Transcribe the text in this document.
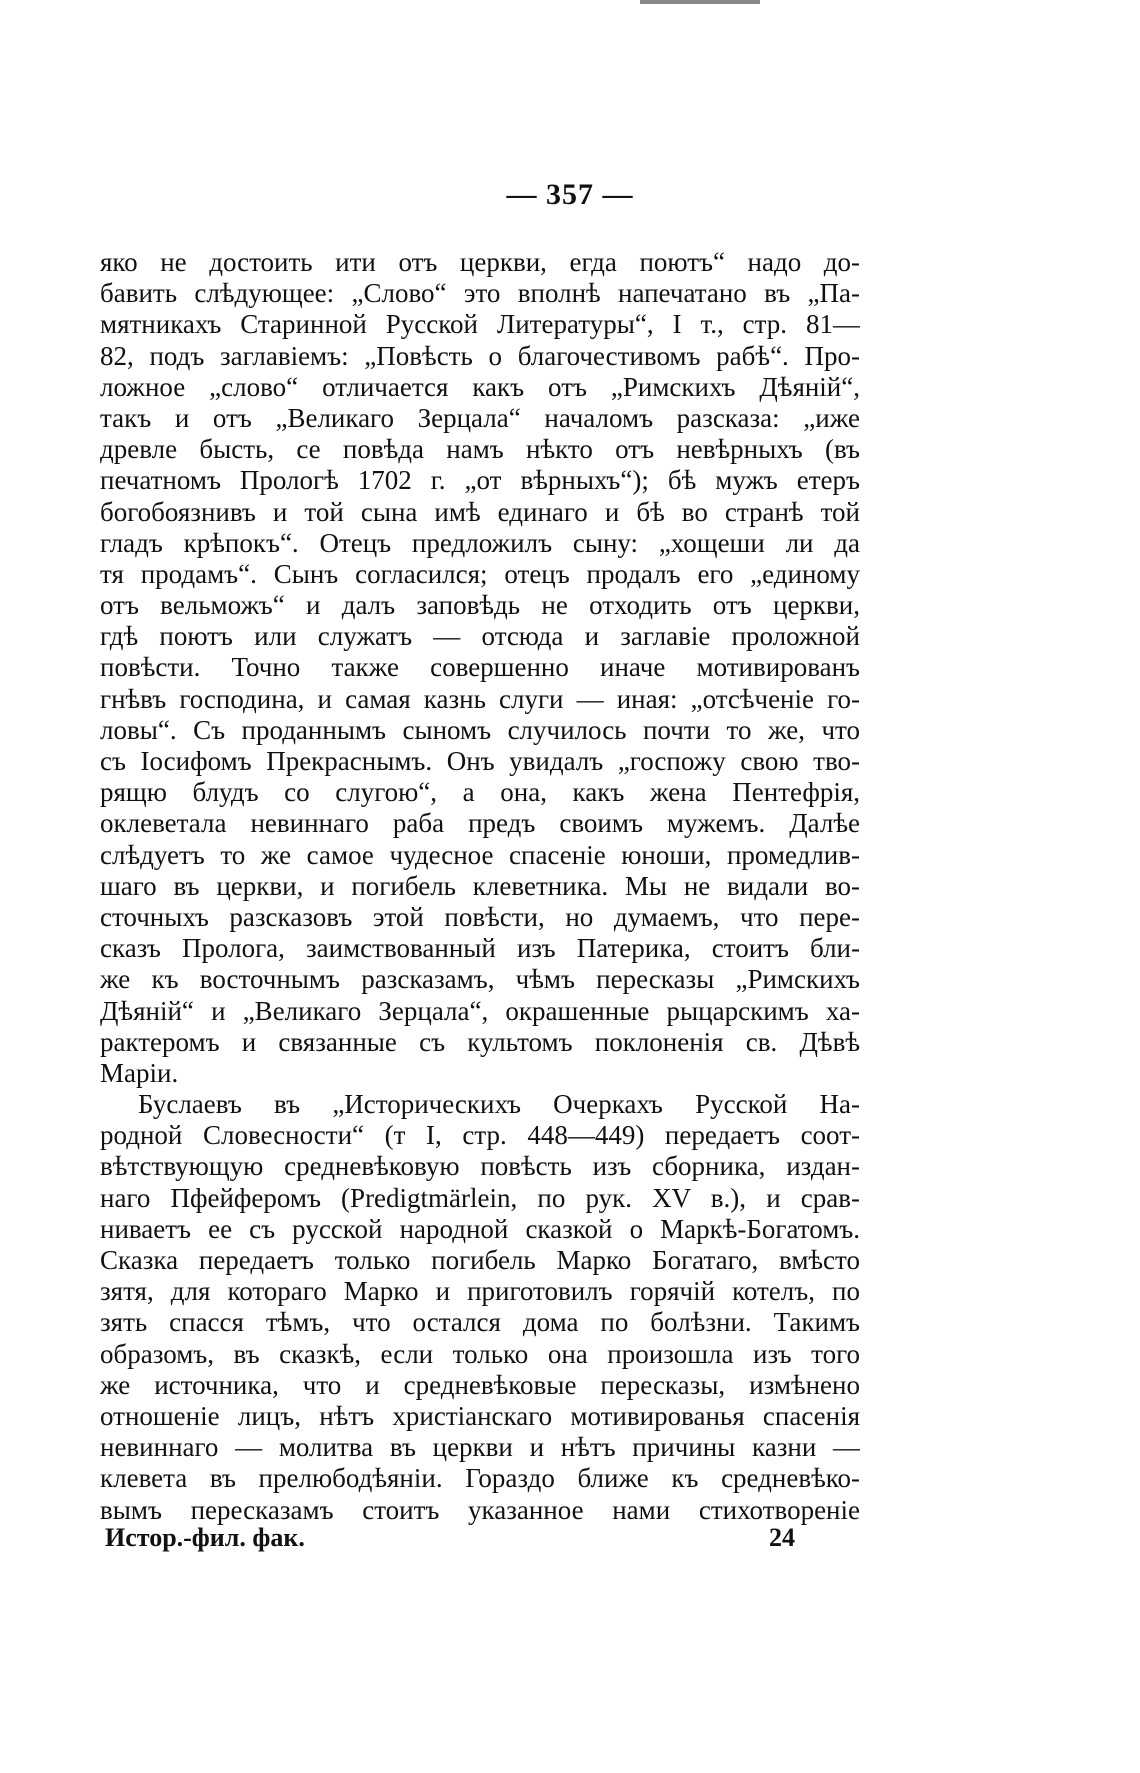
— 357 —
яко не достоить ити отъ церкви, егда поютъ“ надо до-
бавить слѣдующее: „Слово“ это вполнѣ напечатано въ „Па-
мятникахъ Старинной Русской Литературы“, I т., стр. 81—
82, подъ заглавіемъ: „Повѣсть о благочестивомъ рабѣ“. Про-
ложное „слово“ отличается какъ отъ „Римскихъ Дѣяній“,
такъ и отъ „Великаго Зерцала“ началомъ разсказа: „иже
древле бысть, се повѣда намъ нѣкто отъ невѣрныхъ (въ
печатномъ Прологѣ 1702 г. „от вѣрныхъ“); бѣ мужъ етеръ
богобоязнивъ и той сына имѣ единаго и бѣ во странѣ той
гладъ крѣпокъ“. Отецъ предложилъ сыну: „хощеши ли да
тя продамъ“. Сынъ согласился; отецъ продалъ его „единому
отъ вельможъ“ и далъ заповѣдь не отходить отъ церкви,
гдѣ поютъ или служатъ — отсюда и заглавіе проложной
повѣсти. Точно также совершенно иначе мотивированъ
гнѣвъ господина, и самая казнь слуги — иная: „отсѣченіе го-
ловы“. Съ проданнымъ сыномъ случилось почти то же, что
съ Іосифомъ Прекраснымъ. Онъ увидалъ „госпожу свою тво-
рящю блудъ со слугою“, а она, какъ жена Пентефрія,
оклеветала невиннаго раба предъ своимъ мужемъ. Далѣе
слѣдуетъ то же самое чудесное спасеніе юноши, промедлив-
шаго въ церкви, и погибель клеветника. Мы не видали во-
сточныхъ разсказовъ этой повѣсти, но думаемъ, что пере-
сказъ Пролога, заимствованный изъ Патерика, стоитъ бли-
же къ восточнымъ разсказамъ, чѣмъ пересказы „Римскихъ
Дѣяній“ и „Великаго Зерцала“, окрашенные рыцарскимъ ха-
рактеромъ и связанные съ культомъ поклоненія св. Дѣвѣ
Маріи.
Буслаевъ въ „Историческихъ Очеркахъ Русской На-
родной Словесности“ (т I, стр. 448—449) передаетъ соот-
вѣтствующую средневѣковую повѣсть изъ сборника, издан-
наго Пфейферомъ (Predigtmärlein, по рук. XV в.), и срав-
ниваетъ ее съ русской народной сказкой о Маркѣ-Богатомъ.
Сказка передаетъ только погибель Марко Богатаго, вмѣсто
зятя, для котораго Марко и приготовилъ горячій котелъ, по
зять спасся тѣмъ, что остался дома по болѣзни. Такимъ
образомъ, въ сказкѣ, если только она произошла изъ того
же источника, что и средневѣковые пересказы, измѣнено
отношеніе лицъ, нѣтъ христіанскаго мотивированья спасенія
невиннаго — молитва въ церкви и нѣтъ причины казни —
клевета въ прелюбодѣяніи. Гораздо ближе къ средневѣко-
вымъ пересказамъ стоитъ указанное нами стихотвореніе
Истор.-фил. фак.	24
